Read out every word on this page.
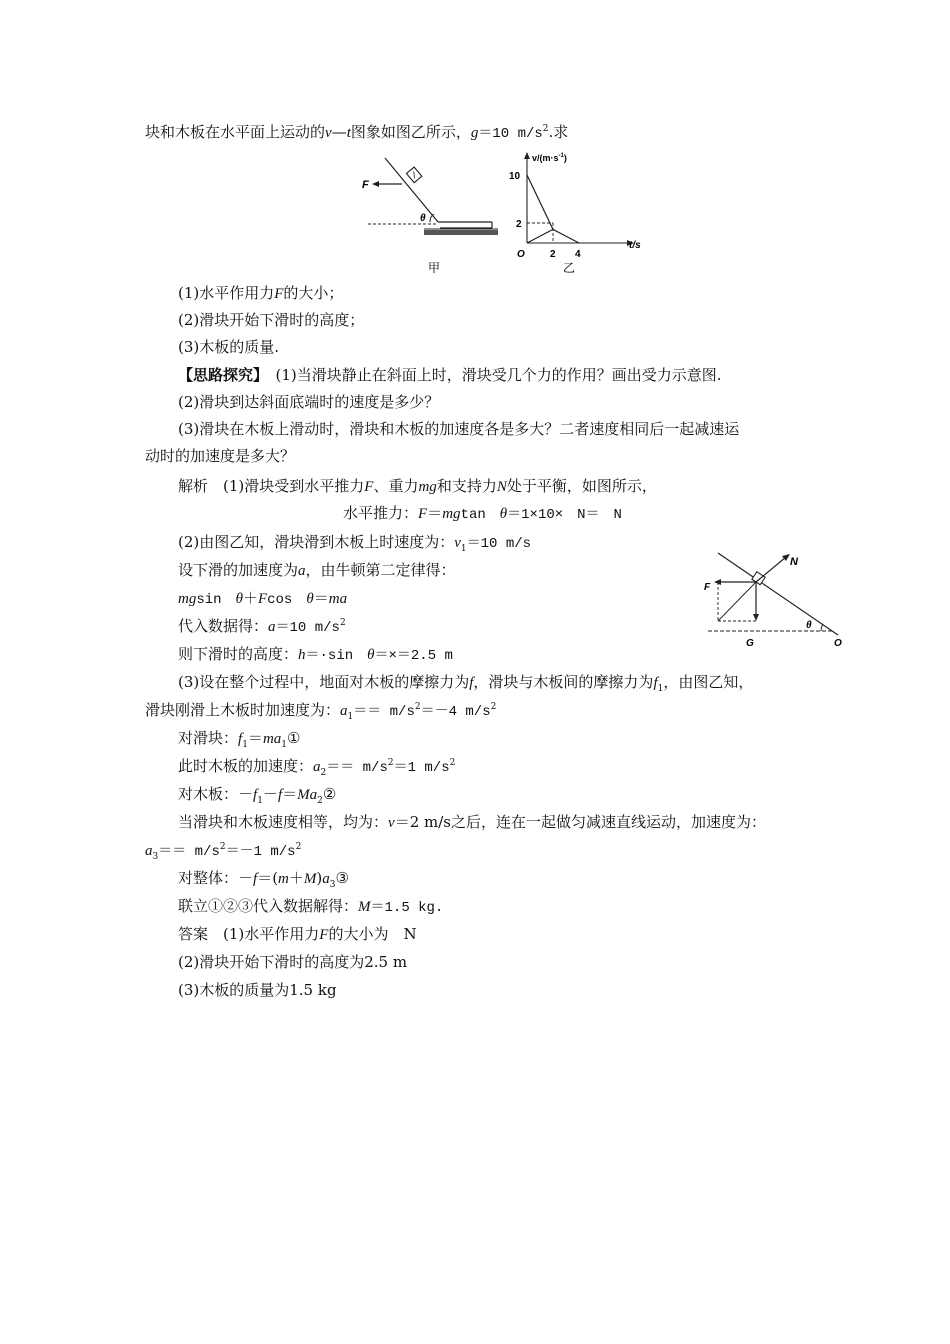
块和木板在水平面上运动的v—t图象如图乙所示，g＝10 $m/s^2$.求
F
θ
甲
$v/(m\cdot s^{-1})$
10
2
O	2 4
t/s
乙
(1)水平作用力F的大小；
(2)滑块开始下滑时的高度；
(3)木板的质量.
【思路探究】　 (1)当滑块静止在斜面上时，滑块受几个力的作用？画出受力示意图.
(2)滑块到达斜面底端时的速度是多少？
(3)滑块在木板上滑动时，滑块和木板的加速度各是多大？二者速度相同后一起减速运
动时的加速度是多大？
解析　 (1)滑块受到水平推力F、重力mg和支持力N处于平衡，如图所示，
水平推力：F＝mgtan　θ＝1×10×　N＝　N
(2)由图乙知，滑块滑到木板上时速度为：$v_1=10$ m/s
设下滑的加速度为a，由牛顿第二定律得：
mgsin　θ＋Fcos　θ＝ma
代入数据得：a＝10 $m/s^2$
则下滑时的高度：h＝·sin　θ＝×＝2.5 m
F
N
G
θ
O
(3)设在整个过程中，地面对木板的摩擦力为f，滑块与木板间的摩擦力为$f_1$，由图乙知，
滑块刚滑上木板时加速度为：$a_1== m/s^2=-4$ $m/s^2$
对滑块：$f_1=ma_1①$
此时木板的加速度：$a_2== m/s^2=1$ $m/s^2$
对木板：$-f_1-f=Ma_2②$
当滑块和木板速度相等，均为：v＝2 m/s之后，连在一起做匀减速直线运动，加速度为：
$a_3== m/s^2=-1$ $m/s^2$
对整体：$-f=(m+M)a_3③$
联立①②③代入数据解得：M＝1.5 kg.
答案　 (1)水平作用力F的大小为　N
(2)滑块开始下滑时的高度为2.5 m
(3)木板的质量为1.5 kg
